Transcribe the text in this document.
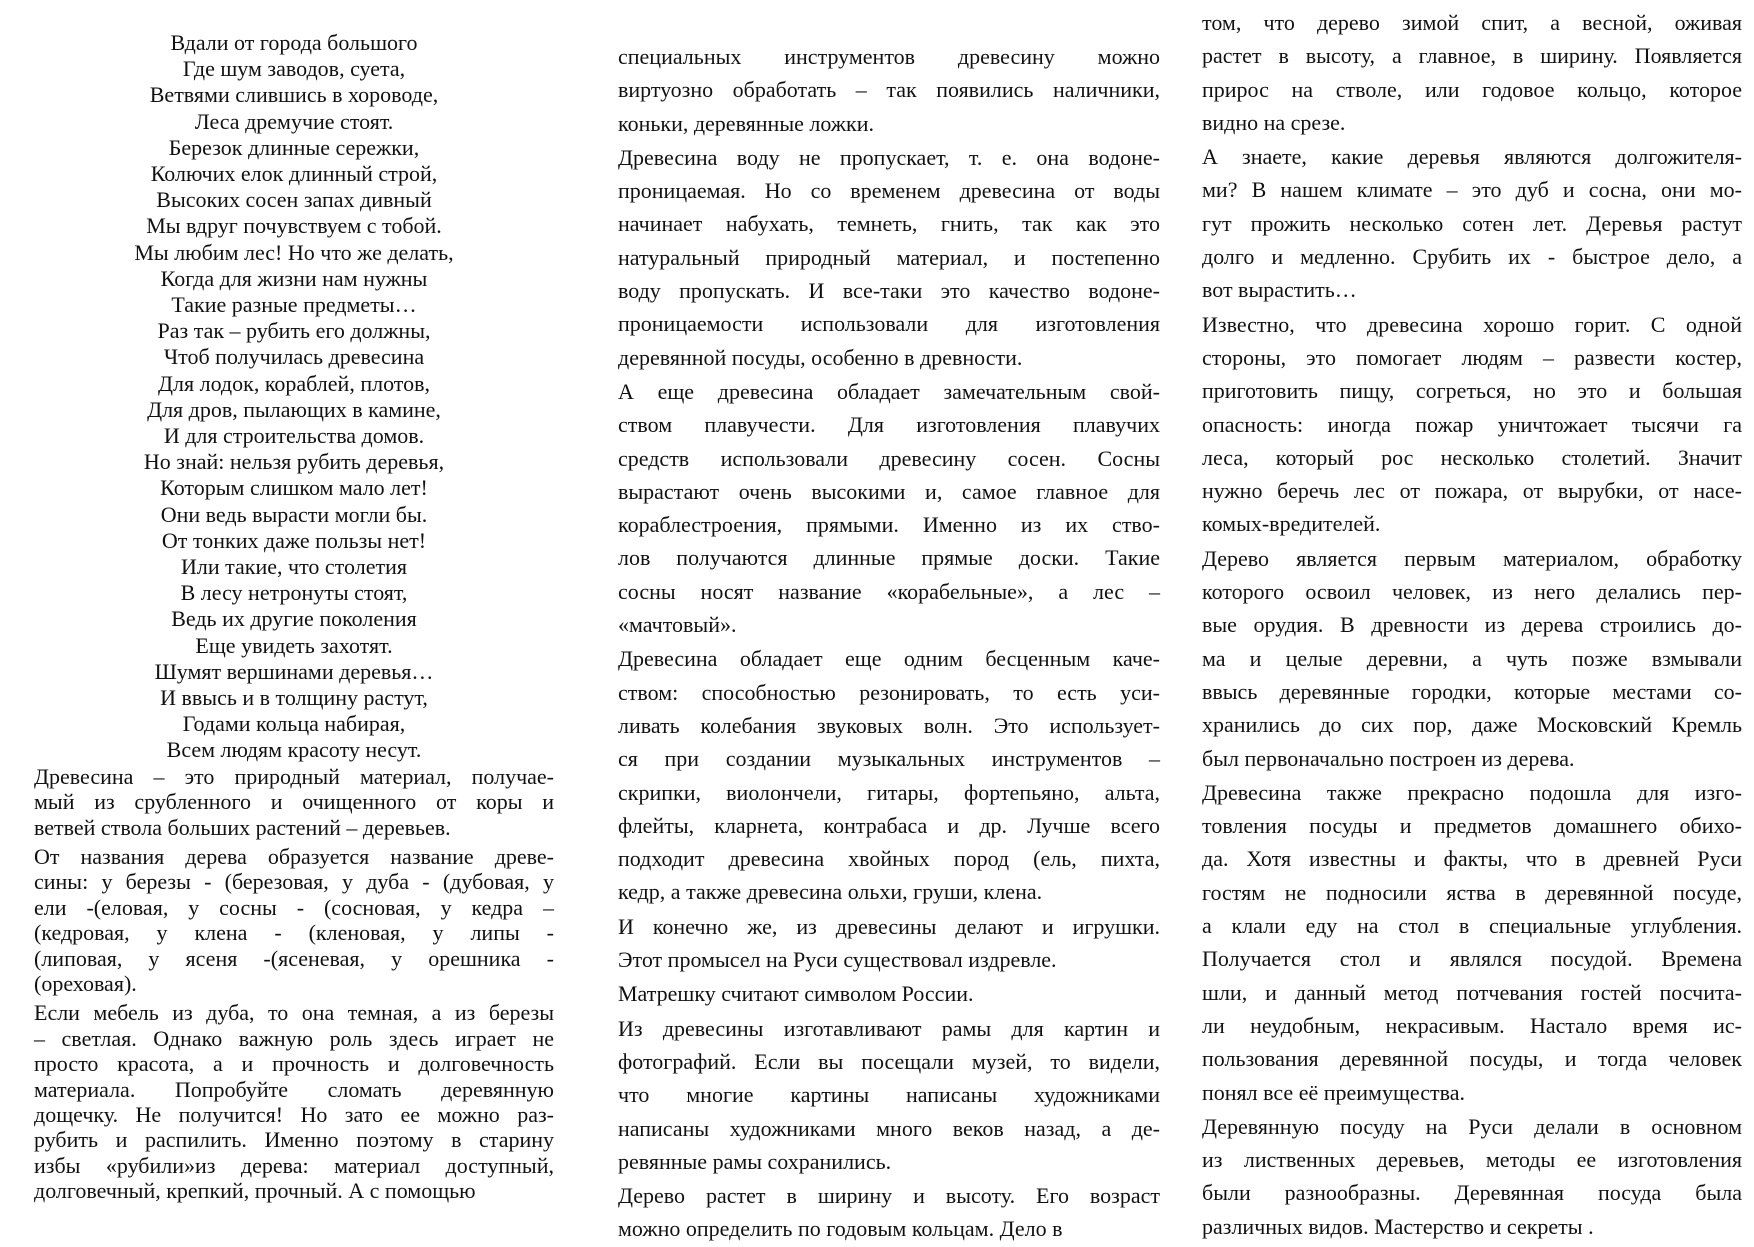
Вдали от города большого
Где шум заводов, суета,
Ветвями слившись в хороводе,
Леса дремучие стоят.
Березок длинные сережки,
Колючих елок длинный строй,
Высоких сосен запах дивный
Мы вдруг почувствуем с тобой.
Мы любим лес! Но что же делать,
Когда для жизни нам нужны
Такие разные предметы…
Раз так – рубить его должны,
Чтоб получилась древесина
Для лодок, кораблей, плотов,
Для дров, пылающих в камине,
И для строительства домов.
Но знай: нельзя рубить деревья,
Которым слишком мало лет!
Они ведь вырасти могли бы.
От тонких даже пользы нет!
Или такие, что столетия
В лесу нетронуты стоят,
Ведь их другие поколения
Еще увидеть захотят.
Шумят вершинами деревья…
И ввысь и в толщину растут,
Годами кольца набирая,
Всем людям красоту несут.
Древесина – это природный материал, получае-
мый из срубленного и очищенного от коры и
ветвей ствола больших растений – деревьев.
От названия дерева образуется название древе-
сины: у березы - (березовая, у дуба - (дубовая, у
ели -(еловая, у сосны - (сосновая, у кедра –
(кедровая, у клена - (кленовая, у липы -
(липовая, у ясеня -(ясеневая, у орешника -
(ореховая).
Если мебель из дуба, то она темная, а из березы
– светлая. Однако важную роль здесь играет не
просто красота, а и прочность и долговечность
материала. Попробуйте сломать деревянную
дощечку. Не получится! Но зато ее можно раз-
рубить и распилить. Именно поэтому в старину
избы «рубили»из дерева: материал доступный,
долговечный, крепкий, прочный. А с помощью
специальных инструментов древесину можно
виртуозно обработать – так появились наличники,
коньки, деревянные ложки.
Древесина воду не пропускает, т. е. она водоне-
проницаемая. Но со временем древесина от воды
начинает набухать, темнеть, гнить, так как это
натуральный природный материал, и постепенно
воду пропускать. И все-таки это качество водоне-
проницаемости использовали для изготовления
деревянной посуды, особенно в древности.
А еще древесина обладает замечательным свой-
ством плавучести. Для изготовления плавучих
средств использовали древесину сосен. Сосны
вырастают очень высокими и, самое главное для
кораблестроения, прямыми. Именно из их ство-
лов получаются длинные прямые доски. Такие
сосны носят название «корабельные», а лес –
«мачтовый».
Древесина обладает еще одним бесценным каче-
ством: способностью резонировать, то есть уси-
ливать колебания звуковых волн. Это использует-
ся при создании музыкальных инструментов –
скрипки, виолончели, гитары, фортепьяно, альта,
флейты, кларнета, контрабаса и др. Лучше всего
подходит древесина хвойных пород (ель, пихта,
кедр, а также древесина ольхи, груши, клена.
И конечно же, из древесины делают и игрушки.
Этот промысел на Руси существовал издревле.
Матрешку считают символом России.
Из древесины изготавливают рамы для картин и
фотографий. Если вы посещали музей, то видели,
что многие картины написаны художниками
написаны художниками много веков назад, а де-
ревянные рамы сохранились.
Дерево растет в ширину и высоту. Его возраст
можно определить по годовым кольцам. Дело в
том, что дерево зимой спит, а весной, оживая
растет в высоту, а главное, в ширину. Появляется
прирос на стволе, или годовое кольцо, которое
видно на срезе.
А знаете, какие деревья являются долгожителя-
ми? В нашем климате – это дуб и сосна, они мо-
гут прожить несколько сотен лет. Деревья растут
долго и медленно. Срубить их - быстрое дело, а
вот вырастить…
Известно, что древесина хорошо горит. С одной
стороны, это помогает людям – развести костер,
приготовить пищу, согреться, но это и большая
опасность: иногда пожар уничтожает тысячи га
леса, который рос несколько столетий. Значит
нужно беречь лес от пожара, от вырубки, от насе-
комых-вредителей.
Дерево является первым материалом, обработку
которого освоил человек, из него делались пер-
вые орудия. В древности из дерева строились до-
ма и целые деревни, а чуть позже взмывали
ввысь деревянные городки, которые местами со-
хранились до сих пор, даже Московский Кремль
был первоначально построен из дерева.
Древесина также прекрасно подошла для изго-
товления посуды и предметов домашнего обихо-
да. Хотя известны и факты, что в древней Руси
гостям не подносили яства в деревянной посуде,
а клали еду на стол в специальные углубления.
Получается стол и являлся посудой. Времена
шли, и данный метод потчевания гостей посчита-
ли неудобным, некрасивым. Настало время ис-
пользования деревянной посуды, и тогда человек
понял все её преимущества.
Деревянную посуду на Руси делали в основном
из лиственных деревьев, методы ее изготовления
были разнообразны. Деревянная посуда была
различных видов. Мастерство и секреты .
